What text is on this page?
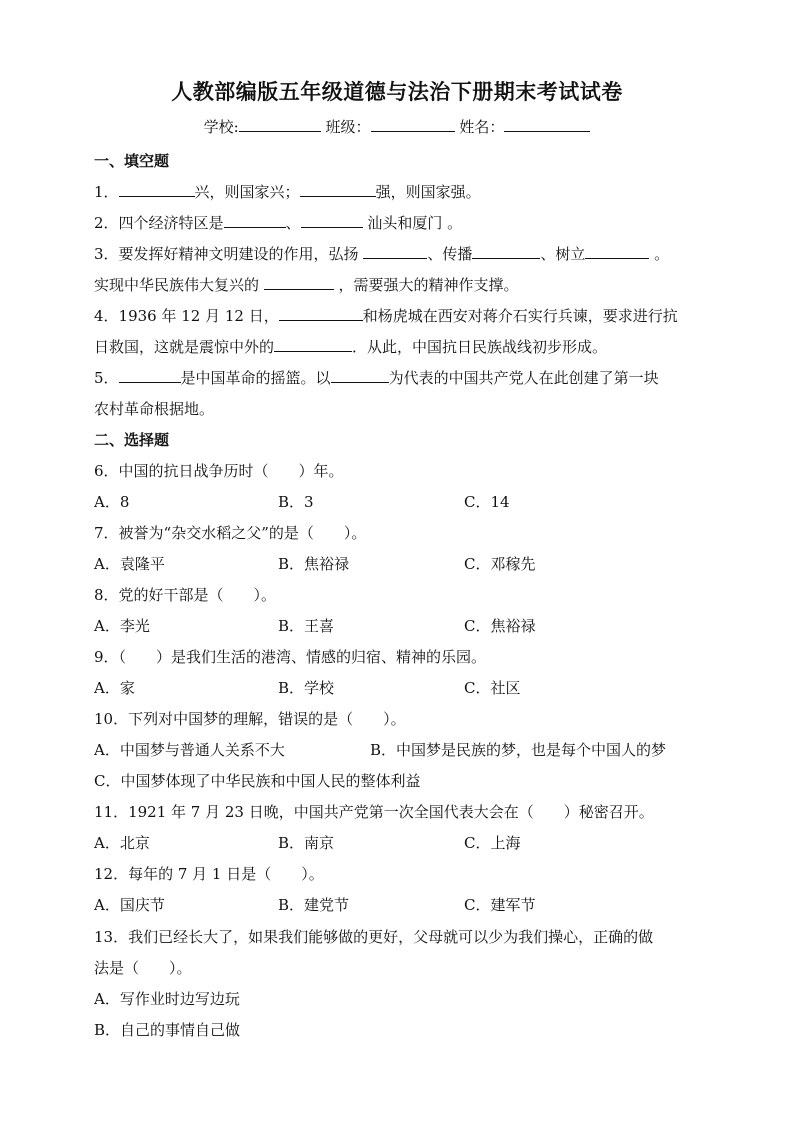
人教部编版五年级道德与法治下册期末考试试卷
学校:	班级：	姓名：
一、填空题
1．	兴，则国家兴；	强，则国家强。
2．四个经济特区是	、	汕头和厦门 。
3．要发挥好精神文明建设的作用，弘扬	、传播	、树立	。
实现中华民族伟大复兴的	，需要强大的精神作支撑。
4．1936 年 12 月 12 日，	和杨虎城在西安对蒋介石实行兵谏，要求进行抗
日救国，这就是震惊中外的	．从此，中国抗日民族战线初步形成。
5．	是中国革命的摇篮。以	为代表的中国共产党人在此创建了第一块
农村革命根据地。
二、选择题
6．中国的抗日战争历时（　　）年。
A．8	B．3	C．14
7．被誉为“杂交水稻之父”的是（　　）。
A．袁隆平	B．焦裕禄	C．邓稼先
8．党的好干部是（　　）。
A．李光	B．王喜	C．焦裕禄
9．（　　）是我们生活的港湾、情感的归宿、精神的乐园。
A．家	B．学校	C．社区
10．下列对中国梦的理解，错误的是（　　）。
A．中国梦与普通人关系不大	B．中国梦是民族的梦，也是每个中国人的梦
C．中国梦体现了中华民族和中国人民的整体利益
11．1921 年 7 月 23 日晚，中国共产党第一次全国代表大会在（　　）秘密召开。
A．北京	B．南京	C．上海
12．每年的 7 月 1 日是（　　）。
A．国庆节	B．建党节	C．建军节
13．我们已经长大了，如果我们能够做的更好，父母就可以少为我们操心，正确的做
法是（　　）。
A．写作业时边写边玩
B．自己的事情自己做
